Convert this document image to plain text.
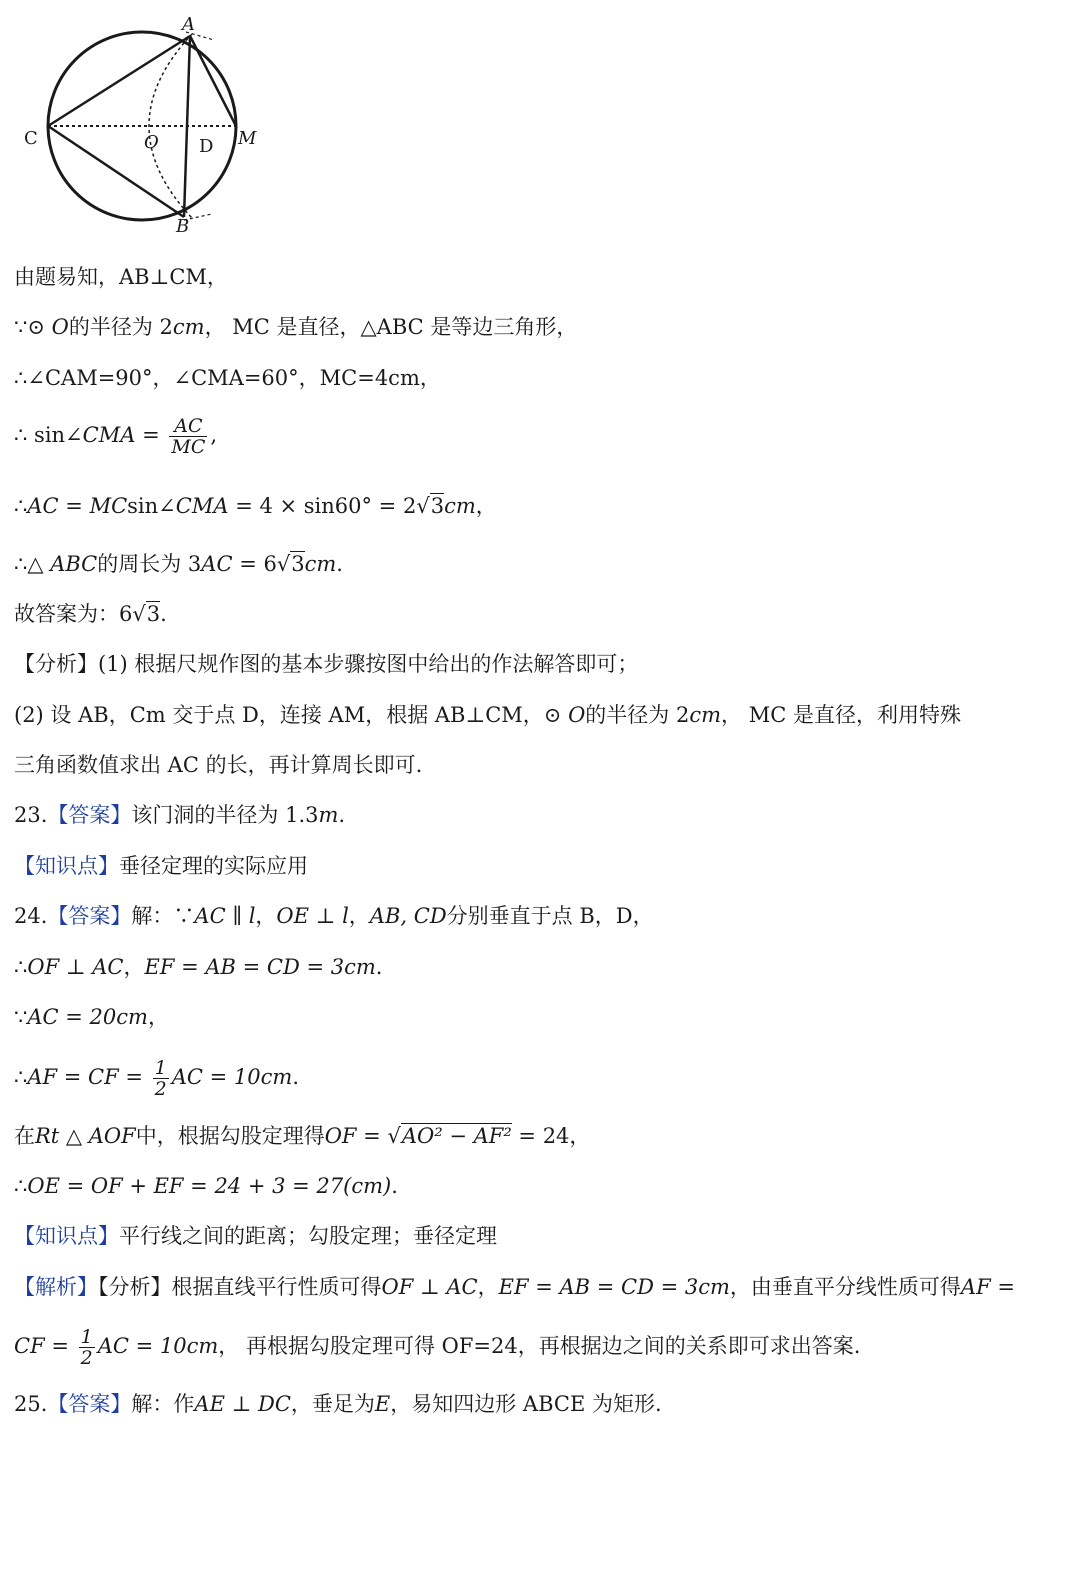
A
B
C	O D M
由题易知，AB⊥CM，
∵⊙ O的半径为 2cm， MC 是直径，△ABC 是等边三角形，
∴∠CAM=90°，∠CMA=60°，MC=4cm，
∴ sin∠CMA = $\frac{AC}{MC}$ ,
∴AC = MCsin∠CMA = 4 × sin60° = 2√3cm，
∴△ ABC的周长为 3AC = 6√3cm.
故答案为：6√3.
【分析】(1) 根据尺规作图的基本步骤按图中给出的作法解答即可；
(2) 设 AB，Cm 交于点 D，连接 AM，根据 AB⊥CM，⊙ O的半径为 2cm， MC 是直径，利用特殊
三角函数值求出 AC 的长，再计算周长即可.
23.【答案】该门洞的半径为 1.3m.
【知识点】垂径定理的实际应用
24.【答案】解：∵AC ∥ l，OE ⊥ l，AB, CD分别垂直于点 B，D，
∴OF ⊥ AC，EF = AB = CD = 3cm.
∵AC = 20cm，
∴AF = CF = $\frac{1}{2}$ AC = 10cm.
在Rt △ AOF中，根据勾股定理得OF = √AO² − AF² = 24，
∴OE = OF + EF = 24 + 3 = 27(cm).
【知识点】平行线之间的距离；勾股定理；垂径定理
【解析】【分析】根据直线平行性质可得OF ⊥ AC，EF = AB = CD = 3cm，由垂直平分线性质可得AF =
CF = $\frac{1}{2}$ AC = 10cm， 再根据勾股定理可得 OF=24，再根据边之间的关系即可求出答案.
25.【答案】解：作AE ⊥ DC，垂足为E，易知四边形 ABCE 为矩形.
